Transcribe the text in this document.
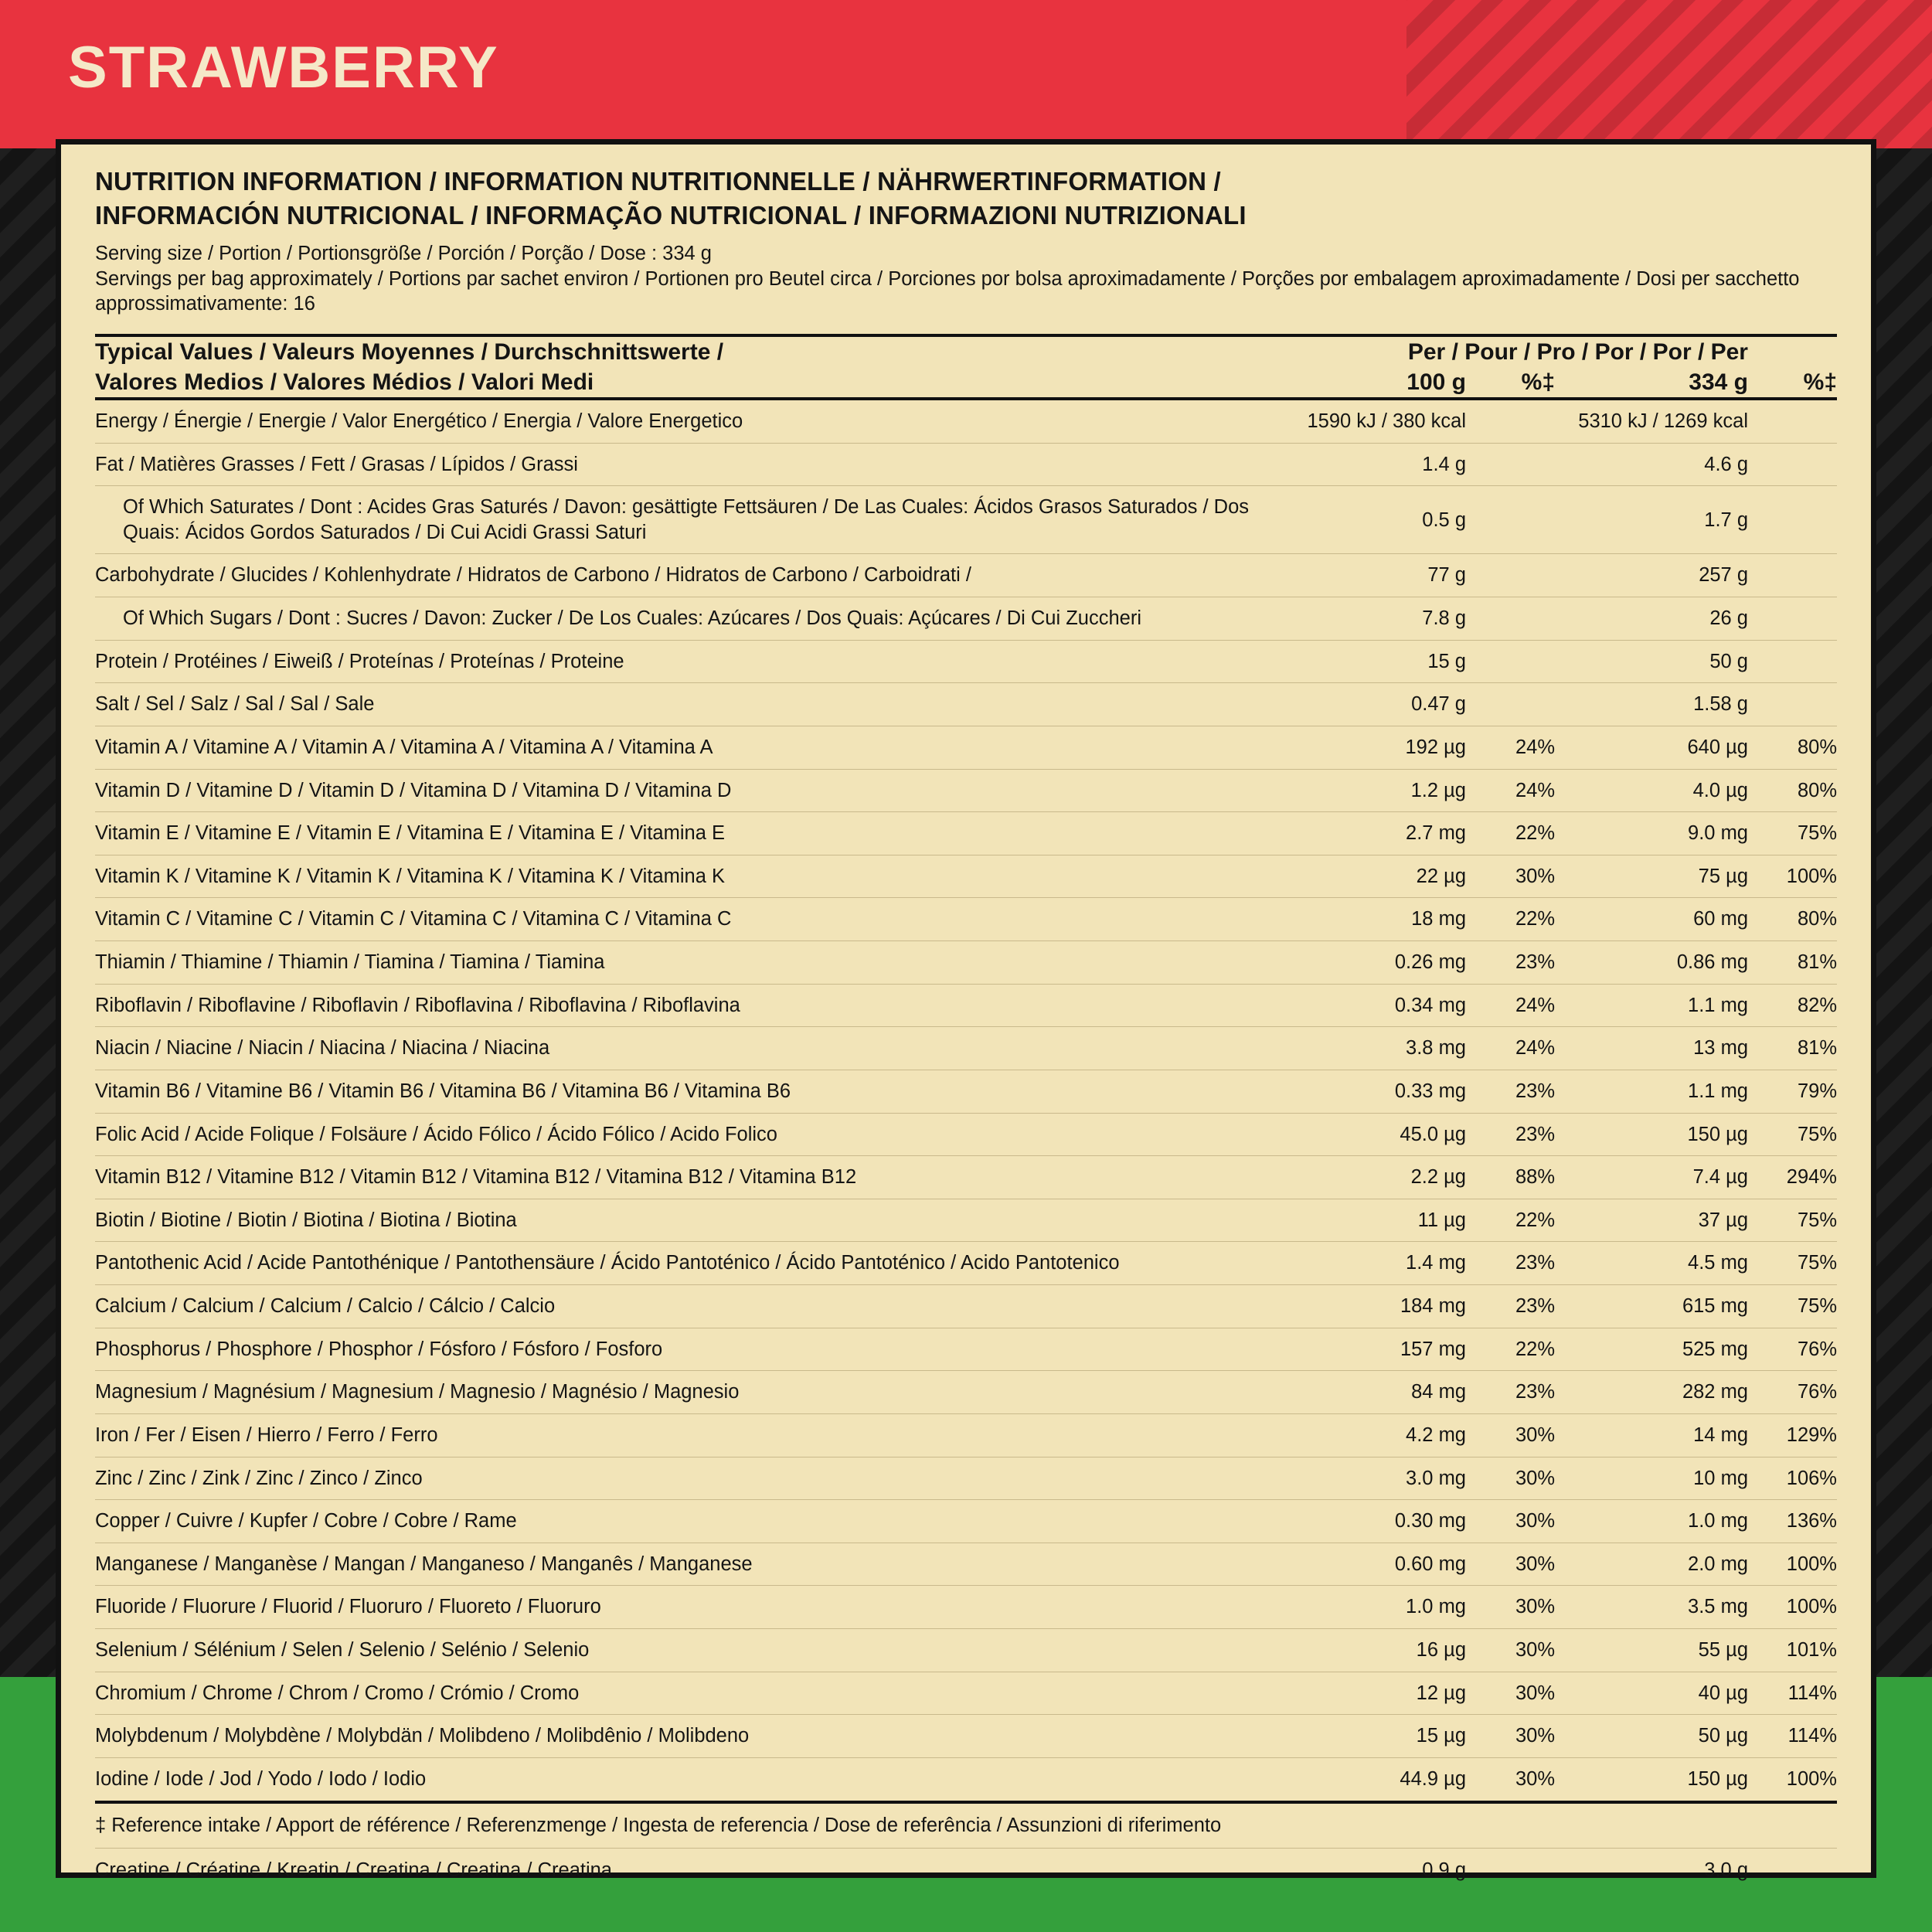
STRAWBERRY
NUTRITION INFORMATION / INFORMATION NUTRITIONNELLE / NÄHRWERTINFORMATION /
INFORMACIÓN NUTRICIONAL / INFORMAÇÃO NUTRICIONAL / INFORMAZIONI NUTRIZIONALI
Serving size / Portion / Portionsgröße / Porción / Porção / Dose : 334 g
Servings per bag approximately / Portions par sachet environ / Portionen pro Beutel circa / Porciones por bolsa aproximadamente / Porções por embalagem aproximadamente / Dosi per sacchetto approssimativamente: 16
Typical Values / Valeurs Moyennes / Durchschnittswerte /
Valores Medios / Valores Médios / Valori Medi	
Per / Pour / Pro / Por / Por / Per
100 g	%‡	334 g	%‡

Energy / Énergie / Energie / Valor Energético / Energia / Valore Energetico	1590 kJ / 380 kcal		5310 kJ / 1269 kcal	
Fat / Matières Grasses / Fett / Grasas / Lípidos / Grassi	1.4 g		4.6 g	
Of Which Saturates / Dont : Acides Gras Saturés / Davon: gesättigte Fettsäuren / De Las Cuales: Ácidos Grasos Saturados / Dos Quais: Ácidos Gordos Saturados / Di Cui Acidi Grassi Saturi	0.5 g		1.7 g	
Carbohydrate / Glucides / Kohlenhydrate / Hidratos de Carbono / Hidratos de Carbono / Carboidrati /	77 g		257 g	
Of Which Sugars / Dont : Sucres / Davon: Zucker / De Los Cuales: Azúcares / Dos Quais: Açúcares / Di Cui Zuccheri	7.8 g		26 g	
Protein / Protéines / Eiweiß / Proteínas / Proteínas / Proteine	15 g		50 g	
Salt / Sel / Salz / Sal / Sal / Sale	0.47 g		1.58 g	
Vitamin A / Vitamine A / Vitamin A / Vitamina A / Vitamina A / Vitamina A	192 µg	24%	640 µg	80%
Vitamin D / Vitamine D / Vitamin D / Vitamina D / Vitamina D / Vitamina D	1.2 µg	24%	4.0 µg	80%
Vitamin E / Vitamine E / Vitamin E / Vitamina E / Vitamina E / Vitamina E	2.7 mg	22%	9.0 mg	75%
Vitamin K / Vitamine K / Vitamin K / Vitamina K / Vitamina K / Vitamina K	22 µg	30%	75 µg	100%
Vitamin C / Vitamine C / Vitamin C / Vitamina C / Vitamina C / Vitamina C	18 mg	22%	60 mg	80%
Thiamin / Thiamine / Thiamin / Tiamina / Tiamina / Tiamina	0.26 mg	23%	0.86 mg	81%
Riboflavin / Riboflavine / Riboflavin / Riboflavina / Riboflavina / Riboflavina	0.34 mg	24%	1.1 mg	82%
Niacin / Niacine / Niacin / Niacina / Niacina / Niacina	3.8 mg	24%	13 mg	81%
Vitamin B6 / Vitamine B6 / Vitamin B6 / Vitamina B6 / Vitamina B6 / Vitamina B6	0.33 mg	23%	1.1 mg	79%
Folic Acid / Acide Folique / Folsäure / Ácido Fólico / Ácido Fólico / Acido Folico	45.0 µg	23%	150 µg	75%
Vitamin B12 / Vitamine B12 / Vitamin B12 / Vitamina B12 / Vitamina B12 / Vitamina B12	2.2 µg	88%	7.4 µg	294%
Biotin / Biotine / Biotin / Biotina / Biotina / Biotina	11 µg	22%	37 µg	75%
Pantothenic Acid / Acide Pantothénique / Pantothensäure / Ácido Pantoténico / Ácido Pantoténico / Acido Pantotenico	1.4 mg	23%	4.5 mg	75%
Calcium / Calcium / Calcium / Calcio / Cálcio / Calcio	184 mg	23%	615 mg	75%
Phosphorus / Phosphore / Phosphor / Fósforo / Fósforo / Fosforo	157 mg	22%	525 mg	76%
Magnesium / Magnésium / Magnesium / Magnesio / Magnésio / Magnesio	84 mg	23%	282 mg	76%
Iron / Fer / Eisen / Hierro / Ferro / Ferro	4.2 mg	30%	14 mg	129%
Zinc / Zinc / Zink / Zinc / Zinco / Zinco	3.0 mg	30%	10 mg	106%
Copper / Cuivre / Kupfer / Cobre / Cobre / Rame	0.30 mg	30%	1.0 mg	136%
Manganese / Manganèse / Mangan / Manganeso / Manganês / Manganese	0.60 mg	30%	2.0 mg	100%
Fluoride / Fluorure / Fluorid / Fluoruro / Fluoreto / Fluoruro	1.0 mg	30%	3.5 mg	100%
Selenium / Sélénium / Selen / Selenio / Selénio / Selenio	16 µg	30%	55 µg	101%
Chromium / Chrome / Chrom / Cromo / Crómio / Cromo	12 µg	30%	40 µg	114%
Molybdenum / Molybdène / Molybdän / Molibdeno / Molibdênio / Molibdeno	15 µg	30%	50 µg	114%
Iodine / Iode / Jod / Yodo / Iodo / Iodio	44.9 µg	30%	150 µg	100%
‡ Reference intake / Apport de référence / Referenzmenge / Ingesta de referencia / Dose de referência / Assunzioni di riferimento				
Creatine / Créatine / Kreatin / Creatina / Creatina / Creatina	0.9 g		3.0 g	
